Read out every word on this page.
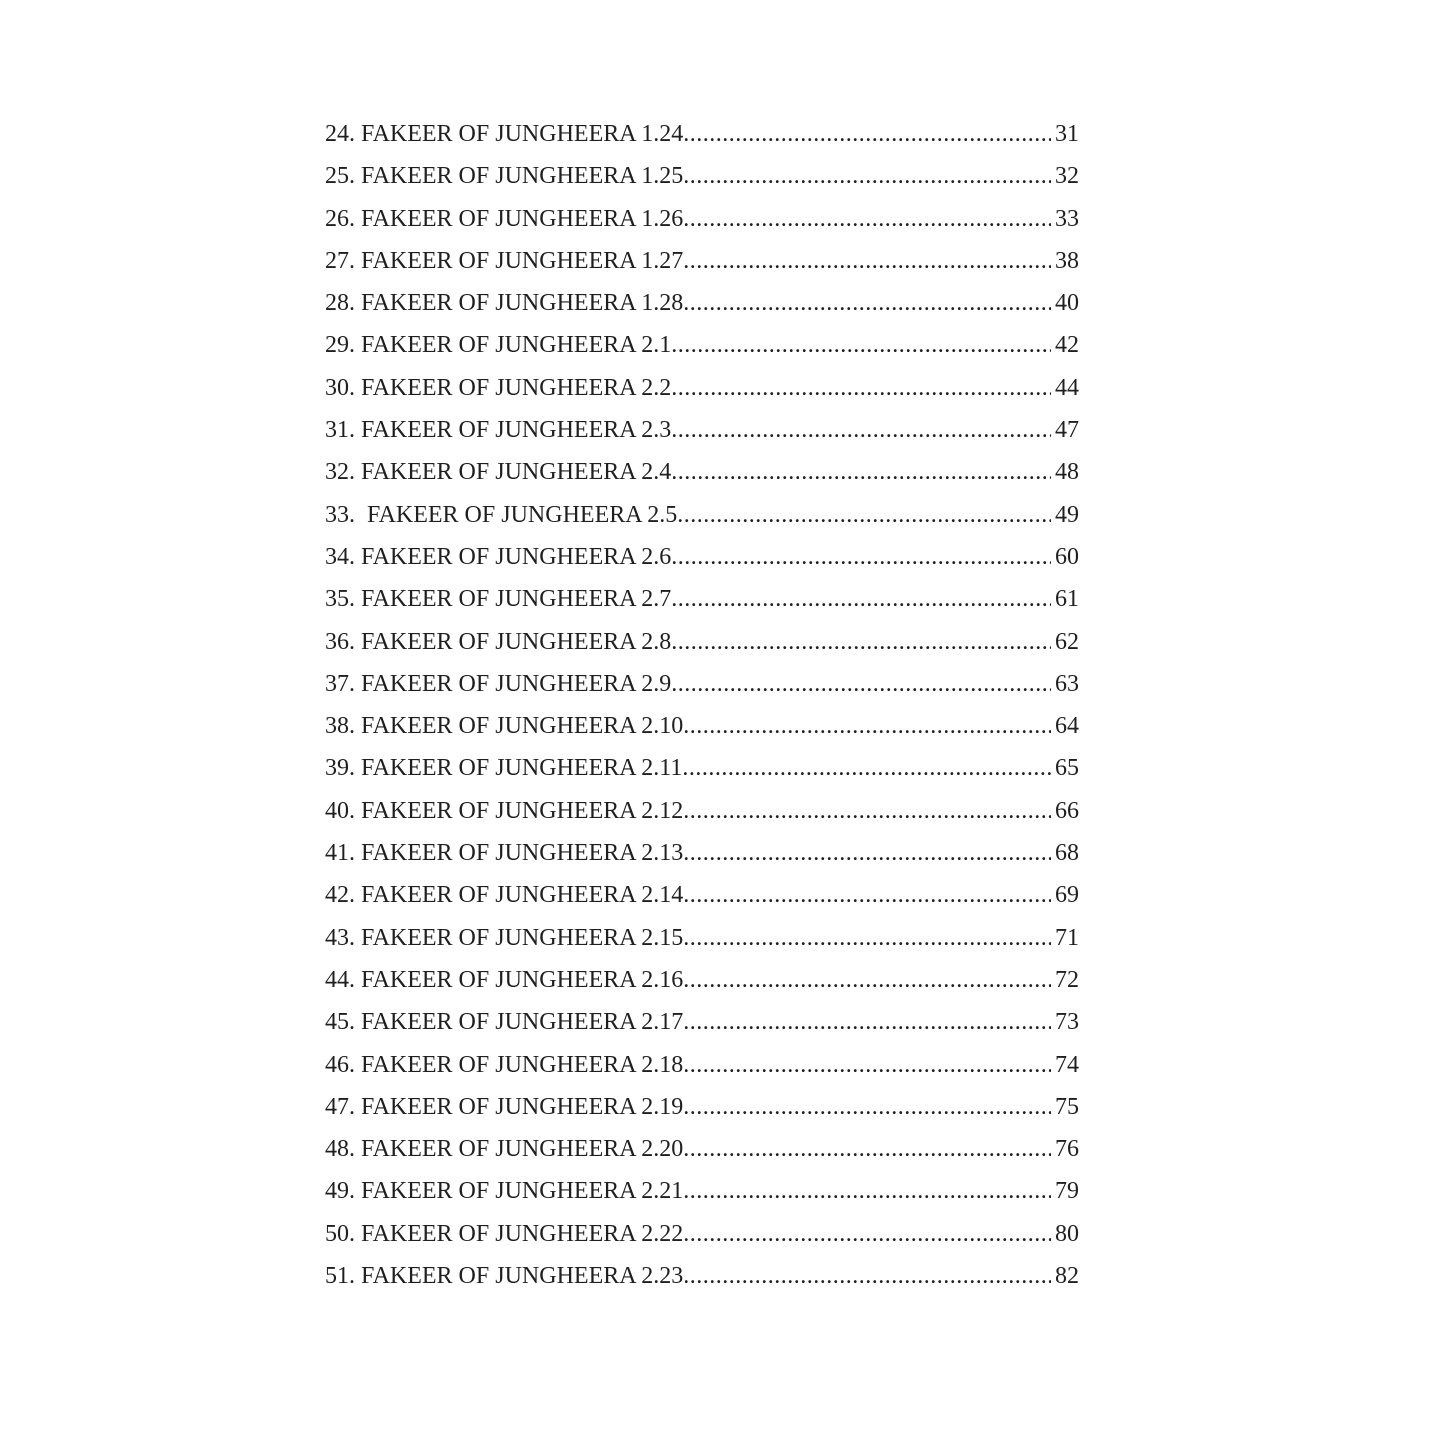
24. FAKEER OF JUNGHEERA 1.24 .....	31
25. FAKEER OF JUNGHEERA 1.25 .....	32
26. FAKEER OF JUNGHEERA 1.26 .....	33
27. FAKEER OF JUNGHEERA 1.27 .....	38
28. FAKEER OF JUNGHEERA 1.28 .....	40
29. FAKEER OF JUNGHEERA 2.1 .....	42
30. FAKEER OF JUNGHEERA 2.2 .....	44
31. FAKEER OF JUNGHEERA 2.3 .....	47
32. FAKEER OF JUNGHEERA 2.4 .....	48
33.  FAKEER OF JUNGHEERA 2.5 .....	49
34. FAKEER OF JUNGHEERA 2.6 .....	60
35. FAKEER OF JUNGHEERA 2.7 .....	61
36. FAKEER OF JUNGHEERA 2.8 .....	62
37. FAKEER OF JUNGHEERA 2.9 .....	63
38. FAKEER OF JUNGHEERA 2.10 .....	64
39. FAKEER OF JUNGHEERA 2.11 .....	65
40. FAKEER OF JUNGHEERA 2.12 .....	66
41. FAKEER OF JUNGHEERA 2.13 .....	68
42. FAKEER OF JUNGHEERA 2.14 .....	69
43. FAKEER OF JUNGHEERA 2.15 .....	71
44. FAKEER OF JUNGHEERA 2.16 .....	72
45. FAKEER OF JUNGHEERA 2.17 .....	73
46. FAKEER OF JUNGHEERA 2.18 .....	74
47. FAKEER OF JUNGHEERA 2.19 .....	75
48. FAKEER OF JUNGHEERA 2.20 .....	76
49. FAKEER OF JUNGHEERA 2.21 .....	79
50. FAKEER OF JUNGHEERA 2.22 .....	80
51. FAKEER OF JUNGHEERA 2.23 .....	82
